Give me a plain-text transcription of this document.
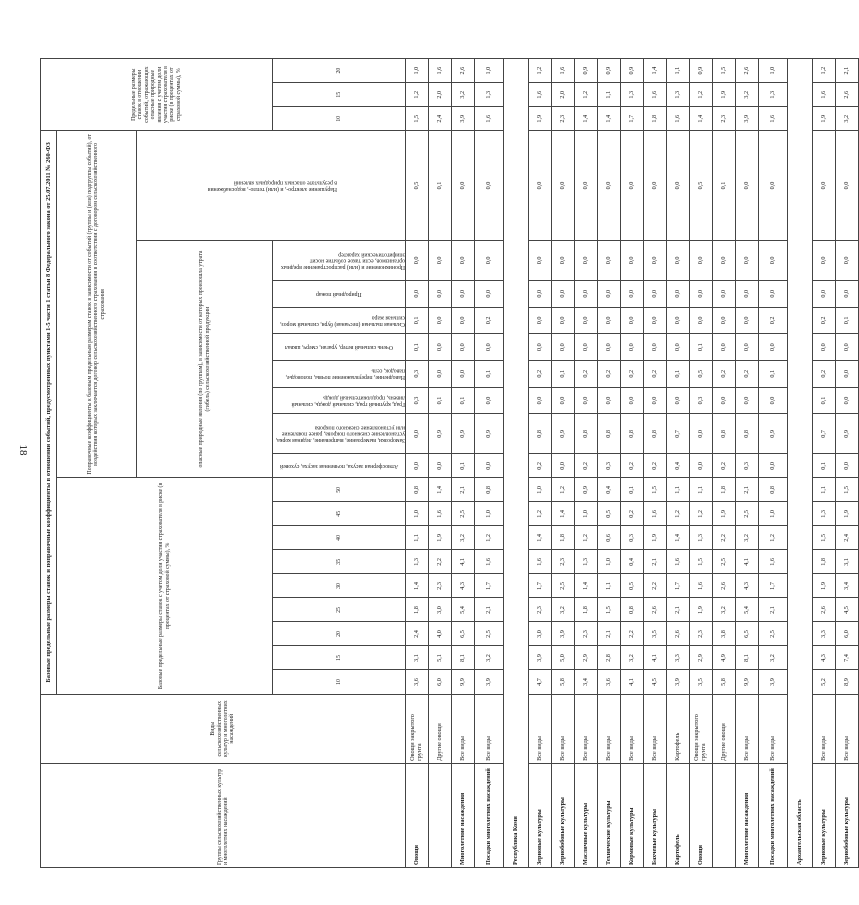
18
Группы сельскохозяйственных культур и многолетних насаждений	Виды сельскохозяйственных культур и многолетних насаждений	Базовые предельные размеры ставок и поправочные коэффициенты в отношении событий, предусмотренных пунктами 1-5 части 1 статьи 8 Федерального закона от 25.07.2011 № 260-ФЗ																		Предельные размеры ставок в отношении событий, отражающих опасные природные явления с учетом доли участия страхователя в риске (в процентах от страховой суммы), %		
		Базовые предельные размеры ставок с учетом доли участия страхователя в риске (в процентах от страховой суммы), %									Поправочные коэффициенты к базовым предельным размерам ставок в зависимости от событий (группы и (или) подгруппы событий), от воздействия которых заключается договор сельскохозяйственного страхования в соответствии с договором сельскохозяйственного страхования											
											опасные природные явления (по группам), в зависимости от которых произошла утрата (гибель) сельскохозяйственной продукции								Нарушение электро-, и (или) тепло-, водоснабжения в результате опасных природных явлений			

		10	15	20	25	30	35	40	45	50	Атмосферная засуха, почвенная засуха, суховей	Заморозки, вымерзание, выпревание, ледяная корка, установление снежного покрова, ранее появление или установление снежного покрова	Град, крупный град, сильный дождь, сильный ливень, продолжительный дождь	Наводнение, переувлажнение почвы, половодье, паводок, сель	Очень сильный ветер, ураган, смерч, шквал	Сильная пыльная (песчаная) буря, сильный мороз, сильная жара	Природный пожар	Проникновение и (или) распространение вредных организмов, если такое событие носит эпифитотический характер		10	15	20
Овощи	Овощи закрытого грунта	3,6	3,1	2,4	1,8	1,4	1,3	1,1	1,0	0,8	0,0	0,0	0,3	0,3	0,1	0,1	0,0	0,0	0,5	1,5	1,2	1,0
	Другие овощи	6,0	5,1	4,0	3,0	2,3	2,2	1,9	1,6	1,4	0,0	0,9	0,1	0,0	0,0	0,0	0,0	0,0	0,1	2,4	2,0	1,6
Многолетние насаждения	Все виды	9,9	8,1	6,5	5,4	4,3	4,1	3,2	2,5	2,1	0,1	0,9	0,1	0,0	0,0	0,0	0,0	0,0	0,0	3,9	3,2	2,6
Посадки многолетних насаждений	Все виды	3,9	3,2	2,5	2,1	1,7	1,6	1,2	1,0	0,8	0,0	0,9	0,0	0,1	0,0	0,2	0,0	0,0	0,0	1,6	1,3	1,0
Республика Коми																						
Зерновые культуры	Все виды	4,7	3,9	3,0	2,3	1,7	1,6	1,4	1,2	1,0	0,2	0,8	0,0	0,2	0,0	0,0	0,0	0,0	0,0	1,9	1,6	1,2
Зернобобовые культуры	Все виды	5,8	5,0	3,9	3,2	2,5	2,3	1,8	1,4	1,2	0,0	0,9	0,0	0,1	0,0	0,0	0,0	0,0	0,0	2,3	2,0	1,6
Масличные культуры	Все виды	3,4	2,9	2,3	1,8	1,4	1,3	1,2	1,0	0,9	0,2	0,8	0,0	0,2	0,0	0,0	0,0	0,0	0,0	1,4	1,2	0,9
Технические культуры	Все виды	3,6	2,8	2,1	1,5	1,1	1,0	0,6	0,5	0,4	0,3	0,8	0,0	0,2	0,0	0,0	0,0	0,0	0,0	1,4	1,1	0,9
Кормовые культуры	Все виды	4,1	3,2	2,2	0,8	0,5	0,4	0,3	0,2	0,1	0,2	0,8	0,0	0,2	0,0	0,0	0,0	0,0	0,0	1,7	1,3	0,9
Бахчевые культуры	Все виды	4,5	4,1	3,5	2,6	2,2	2,1	1,9	1,6	1,5	0,2	0,8	0,0	0,2	0,0	0,0	0,0	0,0	0,0	1,8	1,6	1,4
Картофель	Картофель	3,9	3,3	2,6	2,1	1,7	1,6	1,4	1,2	1,1	0,4	0,7	0,0	0,1	0,0	0,0	0,0	0,0	0,0	1,6	1,3	1,1
Овощи	Овощи закрытого грунта	3,5	2,9	2,3	1,9	1,6	1,5	1,3	1,2	1,1	0,0	0,0	0,3	0,5	0,1	0,0	0,0	0,0	0,5	1,4	1,2	0,9
	Другие овощи	5,8	4,9	3,8	3,2	2,6	2,5	2,2	1,9	1,8	0,2	0,8	0,0	0,2	0,0	0,0	0,0	0,0	0,1	2,3	1,9	1,5
Многолетние насаждения	Все виды	9,9	8,1	6,5	5,4	4,3	4,1	3,2	2,5	2,1	0,3	0,8	0,0	0,2	0,0	0,0	0,0	0,0	0,0	3,9	3,2	2,6
Посадки многолетних насаждений	Все виды	3,9	3,2	2,5	2,1	1,7	1,6	1,2	1,0	0,8	0,0	0,9	0,0	0,1	0,0	0,2	0,0	0,0	0,0	1,6	1,3	1,0
Архангельская область																						
Зерновые культуры	Все виды	5,2	4,3	3,3	2,6	1,9	1,8	1,5	1,3	1,1	0,1	0,7	0,1	0,2	0,0	0,2	0,0	0,0	0,0	1,9	1,6	1,2
Зернобобовые культуры	Все виды	8,9	7,4	6,0	4,5	3,4	3,1	2,4	1,9	1,5	0,0	0,9	0,0	0,0	0,0	0,1	0,0	0,0	0,0	3,2	2,6	2,1
